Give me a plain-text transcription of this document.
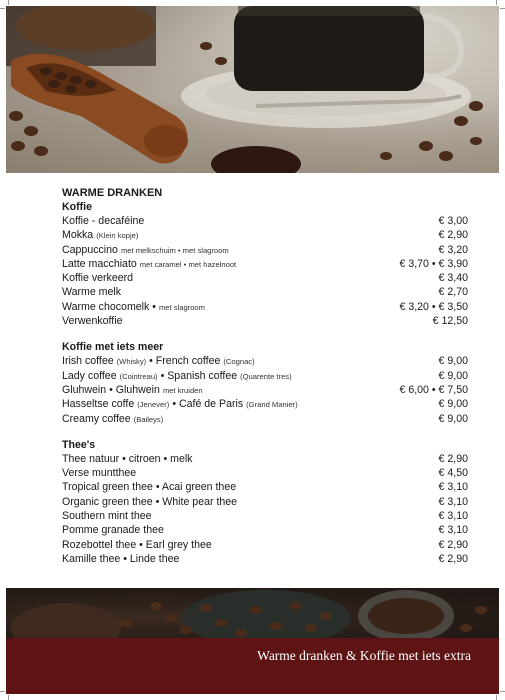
WARME DRANKEN
Koffie
Koffie - decaféine	€ 3,00
Mokka (Klein kopje)	€ 2,90
Cappuccino met melkschuim • met slagroom	€ 3,20
Latte macchiato met caramel • met hazelnoot	€ 3,70 • € 3,90
Koffie verkeerd	€ 3,40
Warme melk	€ 2,70
Warme chocomelk • met slagroom	€ 3,20 • € 3,50
Verwenkoffie	€ 12,50
Koffie met iets meer
Irish coffee (Whisky) • French coffee (Cognac)	€ 9,00
Lady coffee (Cointreau) • Spanish coffee (Quarente tres)	€ 9,00
Gluhwein • Gluhwein met kruiden	€ 6,00 • € 7,50
Hasseltse coffe (Jenever) • Café de Paris (Grand Manier)	€ 9,00
Creamy coffee (Baileys)	€ 9,00
Thee's
Thee natuur • citroen • melk	€ 2,90
Verse muntthee	€ 4,50
Tropical green thee • Acai green thee	€ 3,10
Organic green thee • White pear thee	€ 3,10
Southern mint thee	€ 3,10
Pomme granade thee	€ 3,10
Rozebottel thee • Earl grey thee	€ 2,90
Kamille thee • Linde thee	€ 2,90
Warme dranken & Koffie met iets extra
